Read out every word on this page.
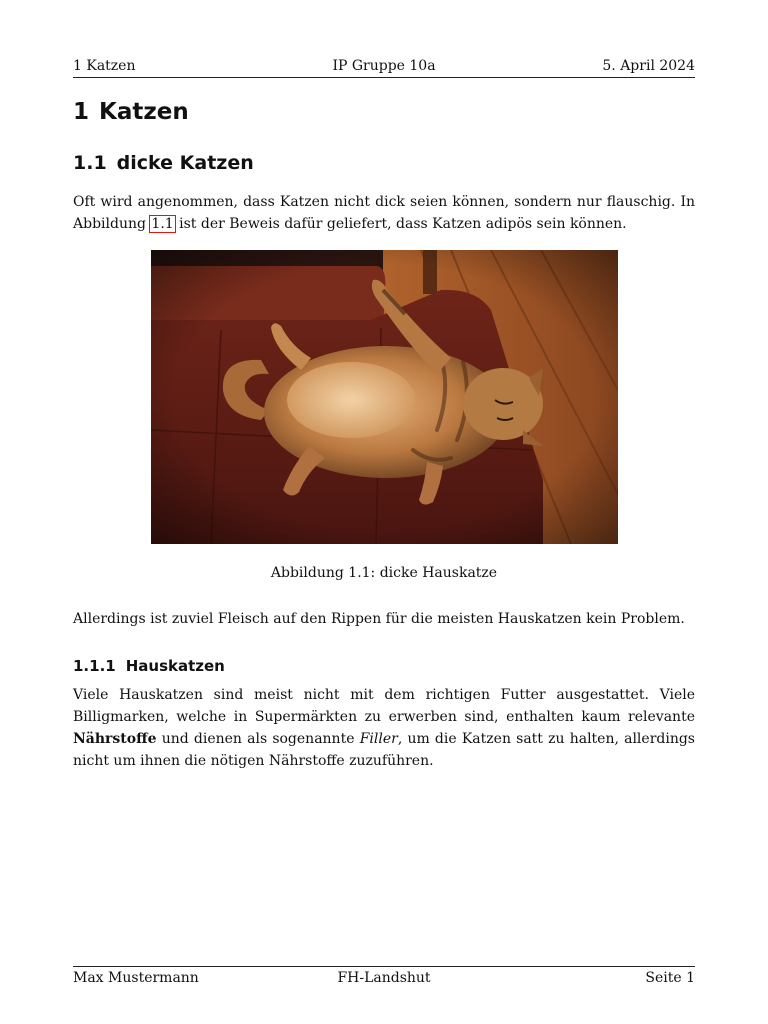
1 Katzen	IP Gruppe 10a	5. April 2024
1 Katzen
1.1 dicke Katzen

Oft wird angenommen, dass Katzen nicht dick seien können, sondern nur flauschig. In Abbildung 1.1 ist der Beweis dafür geliefert, dass Katzen adipös sein können.

Abbildung 1.1: dicke Hauskatze

Allerdings ist zuviel Fleisch auf den Rippen für die meisten Hauskatzen kein Problem.

1.1.1 Hauskatzen

Viele Hauskatzen sind meist nicht mit dem richtigen Futter ausgestattet. Viele Billigmarken, welche in Supermärkten zu erwerben sind, enthalten kaum relevante Nährstoffe und dienen als sogenannte Filler, um die Katzen satt zu halten, allerdings nicht um ihnen die nötigen Nährstoffe zuzuführen.

Max Mustermann	FH-Landshut	Seite 1
